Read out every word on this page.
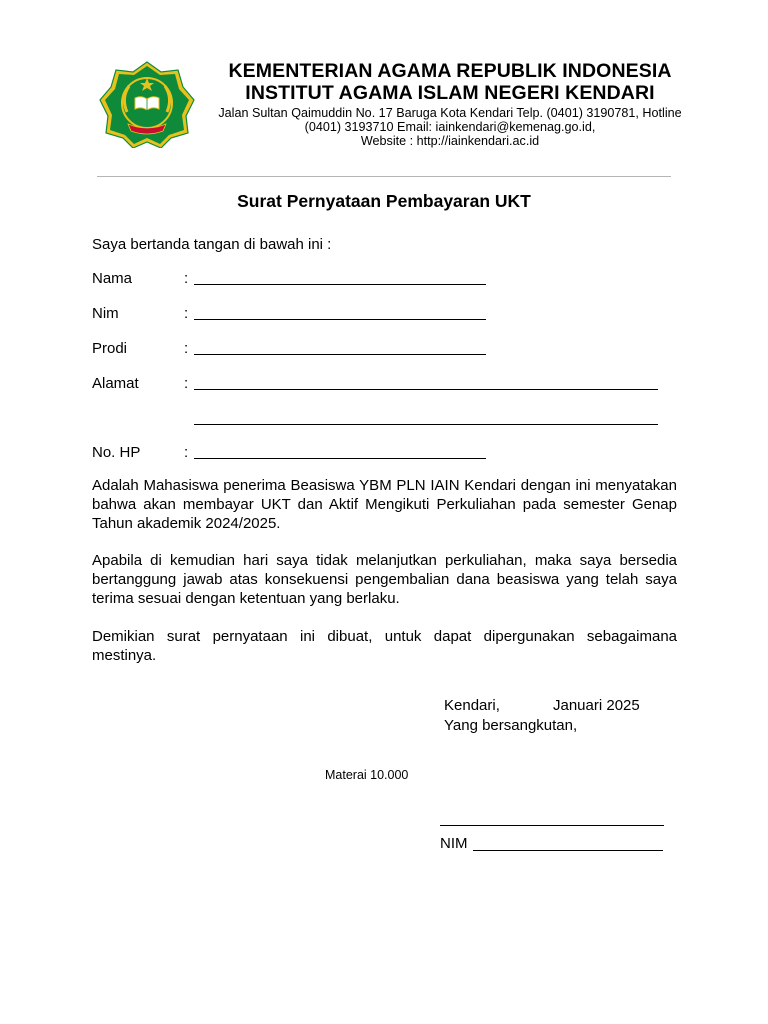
KEMENTERIAN AGAMA REPUBLIK INDONESIA
INSTITUT AGAMA ISLAM NEGERI KENDARI
Jalan Sultan Qaimuddin No. 17 Baruga Kota Kendari Telp. (0401) 3190781, Hotline
(0401) 3193710 Email: iainkendari@kemenag.go.id,
Website : http://iainkendari.ac.id
Surat Pernyataan Pembayaran UKT
Saya bertanda tangan di bawah ini :
Nama	:
Nim	:
Prodi	:
Alamat	:
No. HP	:
Adalah Mahasiswa penerima Beasiswa YBM PLN IAIN Kendari dengan ini menyatakan bahwa akan membayar UKT dan Aktif Mengikuti Perkuliahan pada semester Genap Tahun akademik 2024/2025.
Apabila di kemudian hari saya tidak melanjutkan perkuliahan, maka saya bersedia bertanggung jawab atas konsekuensi pengembalian dana beasiswa yang telah saya terima sesuai dengan ketentuan yang berlaku.
Demikian surat pernyataan ini dibuat, untuk dapat dipergunakan sebagaimana mestinya.
Kendari,	Januari 2025
Yang bersangkutan,
Materai 10.000
NIM
